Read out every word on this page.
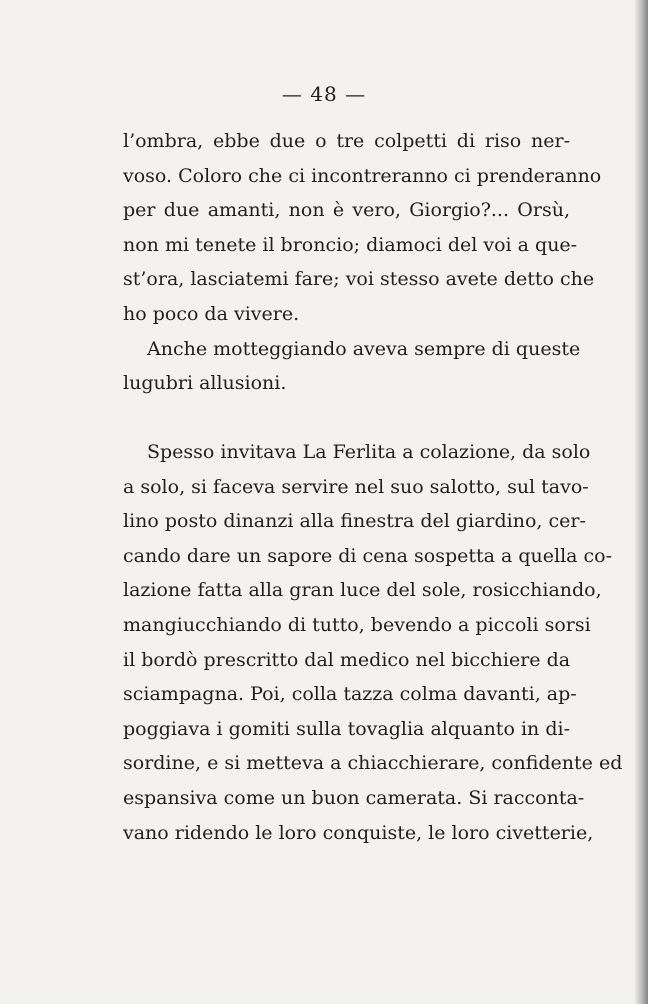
— 48 —
l’ombra, ebbe due o tre colpetti di riso ner-
voso. Coloro che ci incontreranno ci prenderanno
per due amanti, non è vero, Giorgio?... Orsù,
non mi tenete il broncio; diamoci del voi a que-
st’ora, lasciatemi fare; voi stesso avete detto che
ho poco da vivere.
Anche motteggiando aveva sempre di queste
lugubri allusioni.
Spesso invitava La Ferlita a colazione, da solo
a solo, si faceva servire nel suo salotto, sul tavo-
lino posto dinanzi alla finestra del giardino, cer-
cando dare un sapore di cena sospetta a quella co-
lazione fatta alla gran luce del sole, rosicchiando,
mangiucchiando di tutto, bevendo a piccoli sorsi
il bordò prescritto dal medico nel bicchiere da
sciampagna. Poi, colla tazza colma davanti, ap-
poggiava i gomiti sulla tovaglia alquanto in di-
sordine, e si metteva a chiacchierare, confidente ed
espansiva come un buon camerata. Si racconta-
vano ridendo le loro conquiste, le loro civetterie,
